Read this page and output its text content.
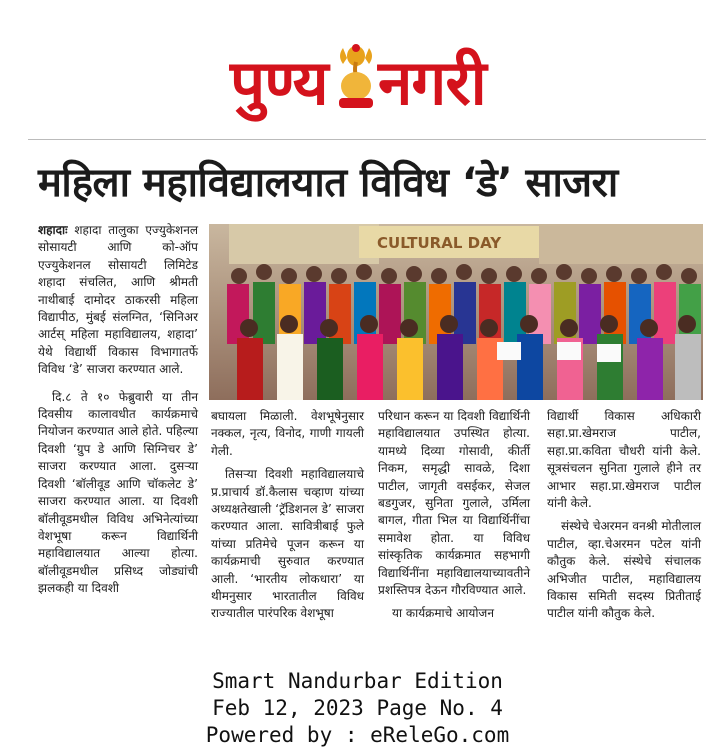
पुण्य नगरी
महिला महाविद्यालयात विविध ‘डे’ साजरा

शहादाः शहादा तालुका एज्युकेशनल सोसायटी आणि को-ऑप एज्युकेशनल सोसायटी लिमिटेड शहादा संचलित, आणि श्रीमती नाथीबाई दामोदर ठाकरसी महिला विद्यापीठ, मुंबई संलग्नित, ‘सिनिअर आर्टस्‌ महिला महाविद्यालय, शहादा’ येथे विद्यार्थी विकास विभागातर्फे विविध ‘डे’ साजरा करण्यात आले.

दि.८ ते १० फेब्रुवारी या तीन दिवसीय कालावधीत कार्यक्रमाचे नियोजन करण्यात आले होते. पहिल्या दिवशी ‘ग्रुप डे आणि सिग्निचर डे’ साजरा करण्यात आला. दुसऱ्या दिवशी ‘बॉलीवूड आणि चॉकलेट डे’ साजरा करण्यात आला. या दिवशी बॉलीवूडमधील विविध अभिनेत्यांच्या वेशभूषा करून विद्यार्थिनी महाविद्यालयात आल्या होत्या. बॉलीवूडमधील प्रसिध्द जोड्यांची झलकही या दिवशी

CULTURAL DAY

बघायला मिळाली. वेशभूषेनुसार नक्कल, नृत्य, विनोद, गाणी गायली गेली.

तिसऱ्या दिवशी महाविद्यालयाचे प्र.प्राचार्य डॉ.कैलास चव्हाण यांच्या अध्यक्षतेखाली ‘ट्रॅडिशनल डे’ साजरा करण्यात आला. सावित्रीबाई फुले यांच्या प्रतिमेचे पूजन करून या कार्यक्रमाची सुरुवात करण्यात आली. ‘भारतीय लोकधारा’ या थीमनुसार भारतातील विविध राज्यातील पारंपरिक वेशभूषा

परिधान करून या दिवशी विद्यार्थिनी महाविद्यालयात उपस्थित होत्या. यामध्ये दिव्या गोसावी, कीर्ती निकम, समृद्धी सावळे, दिशा पाटील, जागृती वसईकर, सेजल बडगुजर, सुनिता गुलाले, उर्मिला बागल, गीता भिल या विद्यार्थिनींचा समावेश होता. या विविध सांस्कृतिक कार्यक्रमात सहभागी विद्यार्थिनींना महाविद्यालयाच्यावतीने प्रशस्तिपत्र देऊन गौरविण्यात आले.

या कार्यक्रमाचे आयोजन

विद्यार्थी विकास अधिकारी सहा.प्रा.खेमराज पाटील, सहा.प्रा.कविता चौधरी यांनी केले. सूत्रसंचलन सुनिता गुलाले हीने तर आभार सहा.प्रा.खेमराज पाटील यांनी केले.

संस्थेचे चेअरमन वनश्री मोतीलाल पाटील, व्हा.चेअरमन पटेल यांनी कौतुक केले. संस्थेचे संचालक अभिजीत पाटील, महाविद्यालय विकास समिती सदस्य प्रितीताई पाटील यांनी कौतुक केले.

Smart Nandurbar Edition
Feb 12, 2023 Page No. 4
Powered by : eReleGo.com
